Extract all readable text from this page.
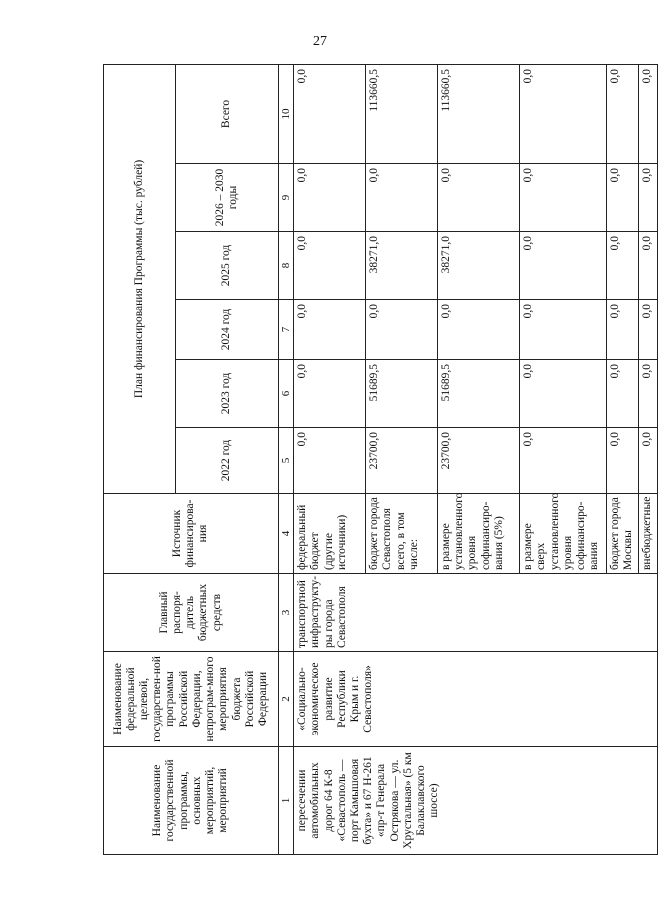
27
Наименование государственной программы, основных мероприятий, мероприятий	Наименование федеральной целевой, государствен-ной программы Российской Федерации, непрограм-много мероприятия бюджета Российской Федерации	Главный распоря-дитель бюджетных средств	Источник финансирова-ния	План финансирования Программы (тыс. рублей)					
				2022 год	2023 год	2024 год	2025 год	2026 – 2030 годы	Всего
1	2	3	4	5	6	7	8	9	10
пересечении автомобильных дорог 64 К-8 «Севастополь — порт Камышовая бухта» и 67 Н-261 «пр-т Генерала Острякова — ул. Хрустальная» (5 км Балаклавского шоссе)	«Социально-экономическое развитие Республики Крым и г. Севастополя»	транспортной инфраструкту-ры города Севастополя	федеральный бюджет (другие источники)	0,0	0,0	0,0	0,0	0,0	0,0
			бюджет города Севастополя всего, в том числе:	23700,0	51689,5	0,0	38271,0	0,0	113660,5
			в размере установленного уровня софинансиро-вания (5%)	23700,0	51689,5	0,0	38271,0	0,0	113660,5
			в размере сверх установленного уровня софинансиро-вания	0,0	0,0	0,0	0,0	0,0	0,0
			бюджет города Москвы	0,0	0,0	0,0	0,0	0,0	0,0
			внебюджетные	0,0	0,0	0,0	0,0	0,0	0,0
